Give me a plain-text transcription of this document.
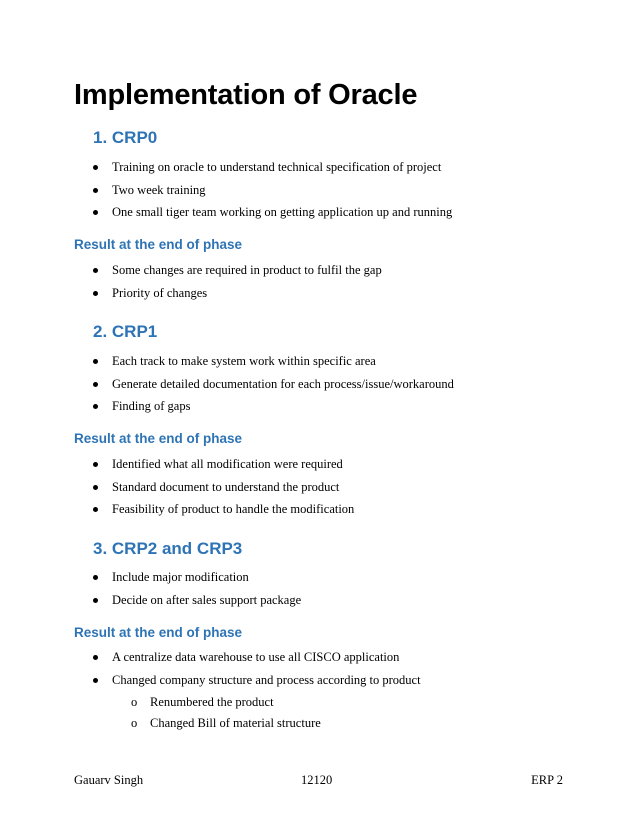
Implementation of Oracle
1. CRP0
Training on oracle to understand technical specification of project
Two week training
One small tiger team working on getting application up and running
Result at the end of phase
Some changes are required in product to fulfil the gap
Priority of changes
2. CRP1
Each track to make system work within specific area
Generate detailed documentation for each process/issue/workaround
Finding of gaps
Result at the end of phase
Identified what all modification were required
Standard document to understand the product
Feasibility of product to handle the modification
3. CRP2 and CRP3
Include major modification
Decide on after sales support package
Result at the end of phase
A centralize data warehouse to use all CISCO application
Changed company structure and process according to product
o Renumbered the product
o Changed Bill of material structure
Gauarv Singh	12120	ERP 2
